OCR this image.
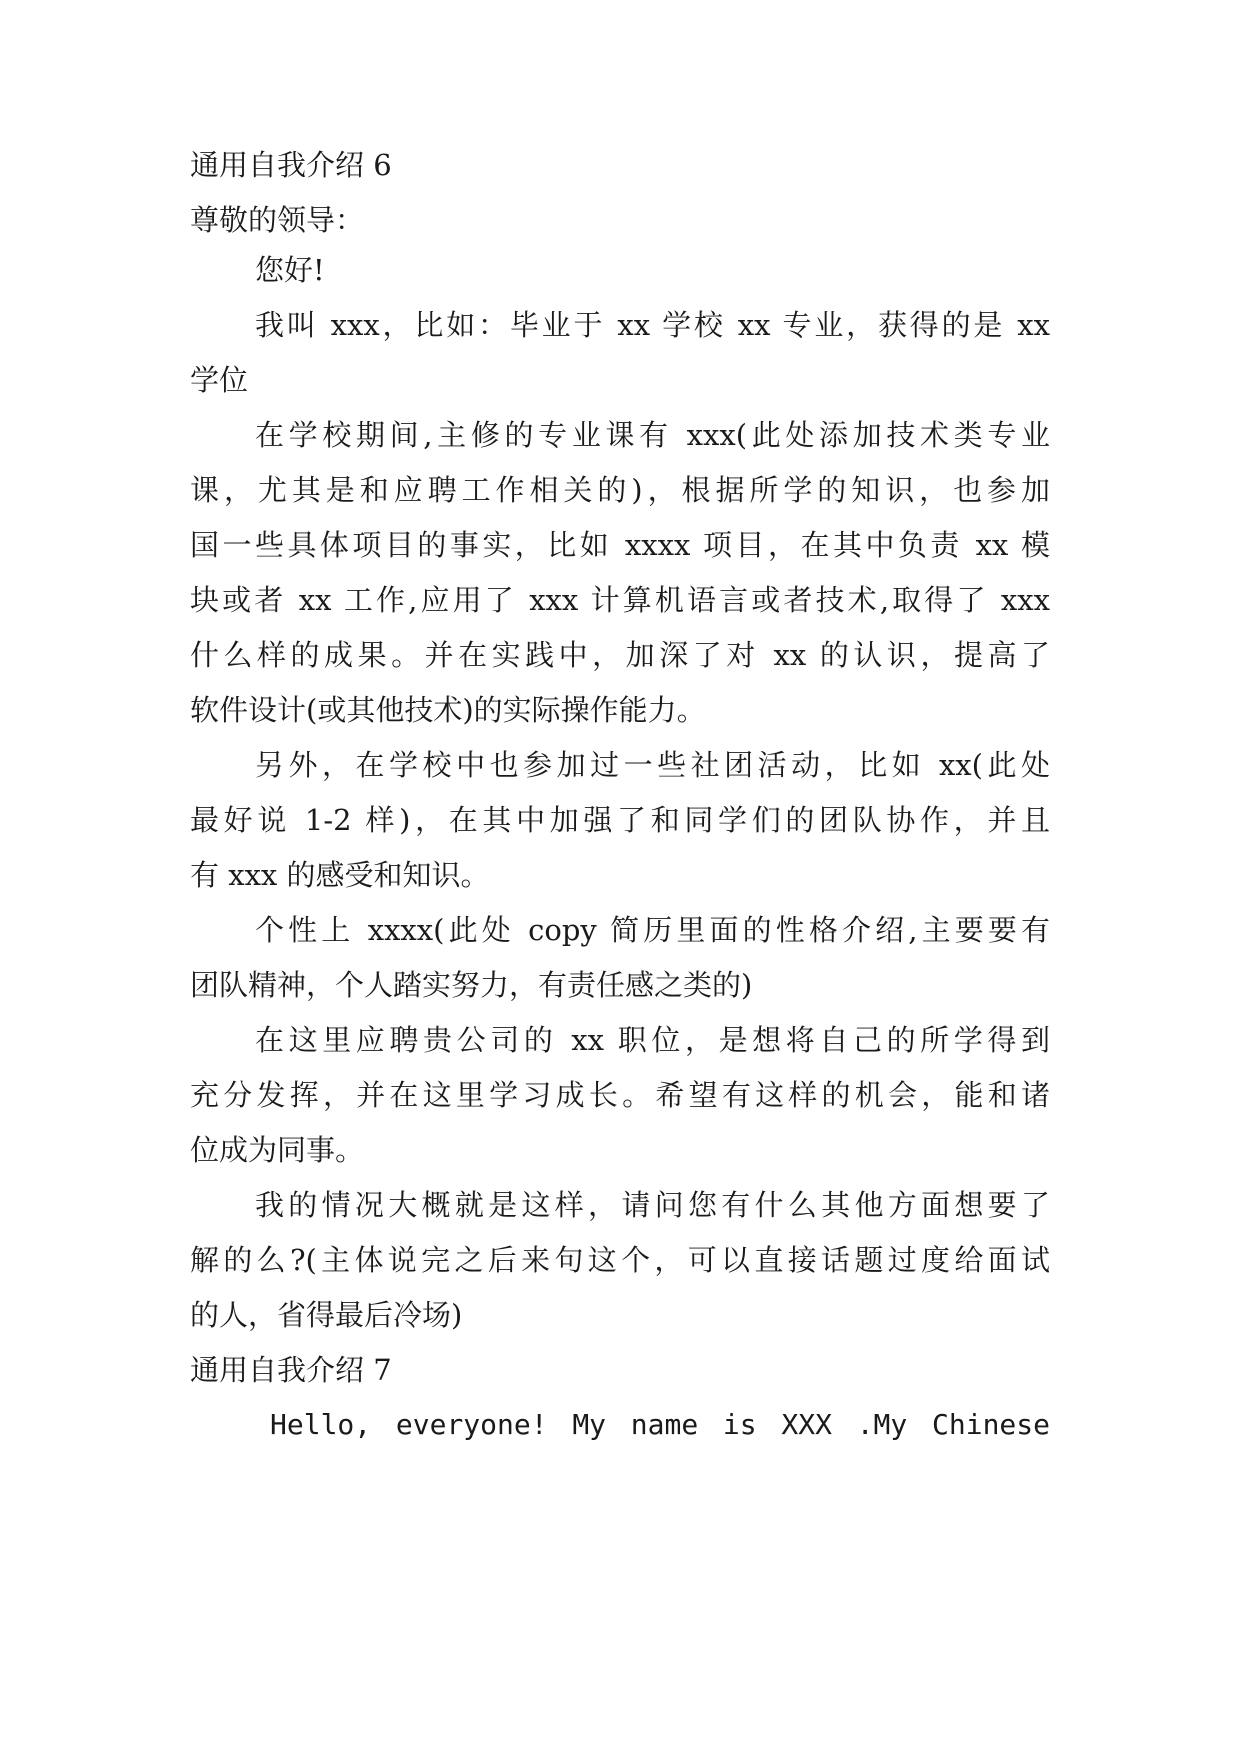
通用自我介绍 6
尊敬的领导：
您好!
我叫 xxx，比如：毕业于 xx 学校 xx 专业，获得的是 xx
学位
在学校期间,主修的专业课有 xxx(此处添加技术类专业
课，尤其是和应聘工作相关的)，根据所学的知识，也参加
国一些具体项目的事实，比如 xxxx 项目，在其中负责 xx 模
块或者 xx 工作,应用了 xxx 计算机语言或者技术,取得了 xxx
什么样的成果。并在实践中，加深了对 xx 的认识，提高了
软件设计(或其他技术)的实际操作能力。
另外，在学校中也参加过一些社团活动，比如 xx(此处
最好说 1-2 样)，在其中加强了和同学们的团队协作，并且
有 xxx 的感受和知识。
个性上 xxxx(此处 copy 简历里面的性格介绍,主要要有
团队精神，个人踏实努力，有责任感之类的)
在这里应聘贵公司的 xx 职位，是想将自己的所学得到
充分发挥，并在这里学习成长。希望有这样的机会，能和诸
位成为同事。
我的情况大概就是这样，请问您有什么其他方面想要了
解的么?(主体说完之后来句这个，可以直接话题过度给面试
的人，省得最后冷场)
通用自我介绍 7
Hello, everyone! My name is XXX .My Chinese
